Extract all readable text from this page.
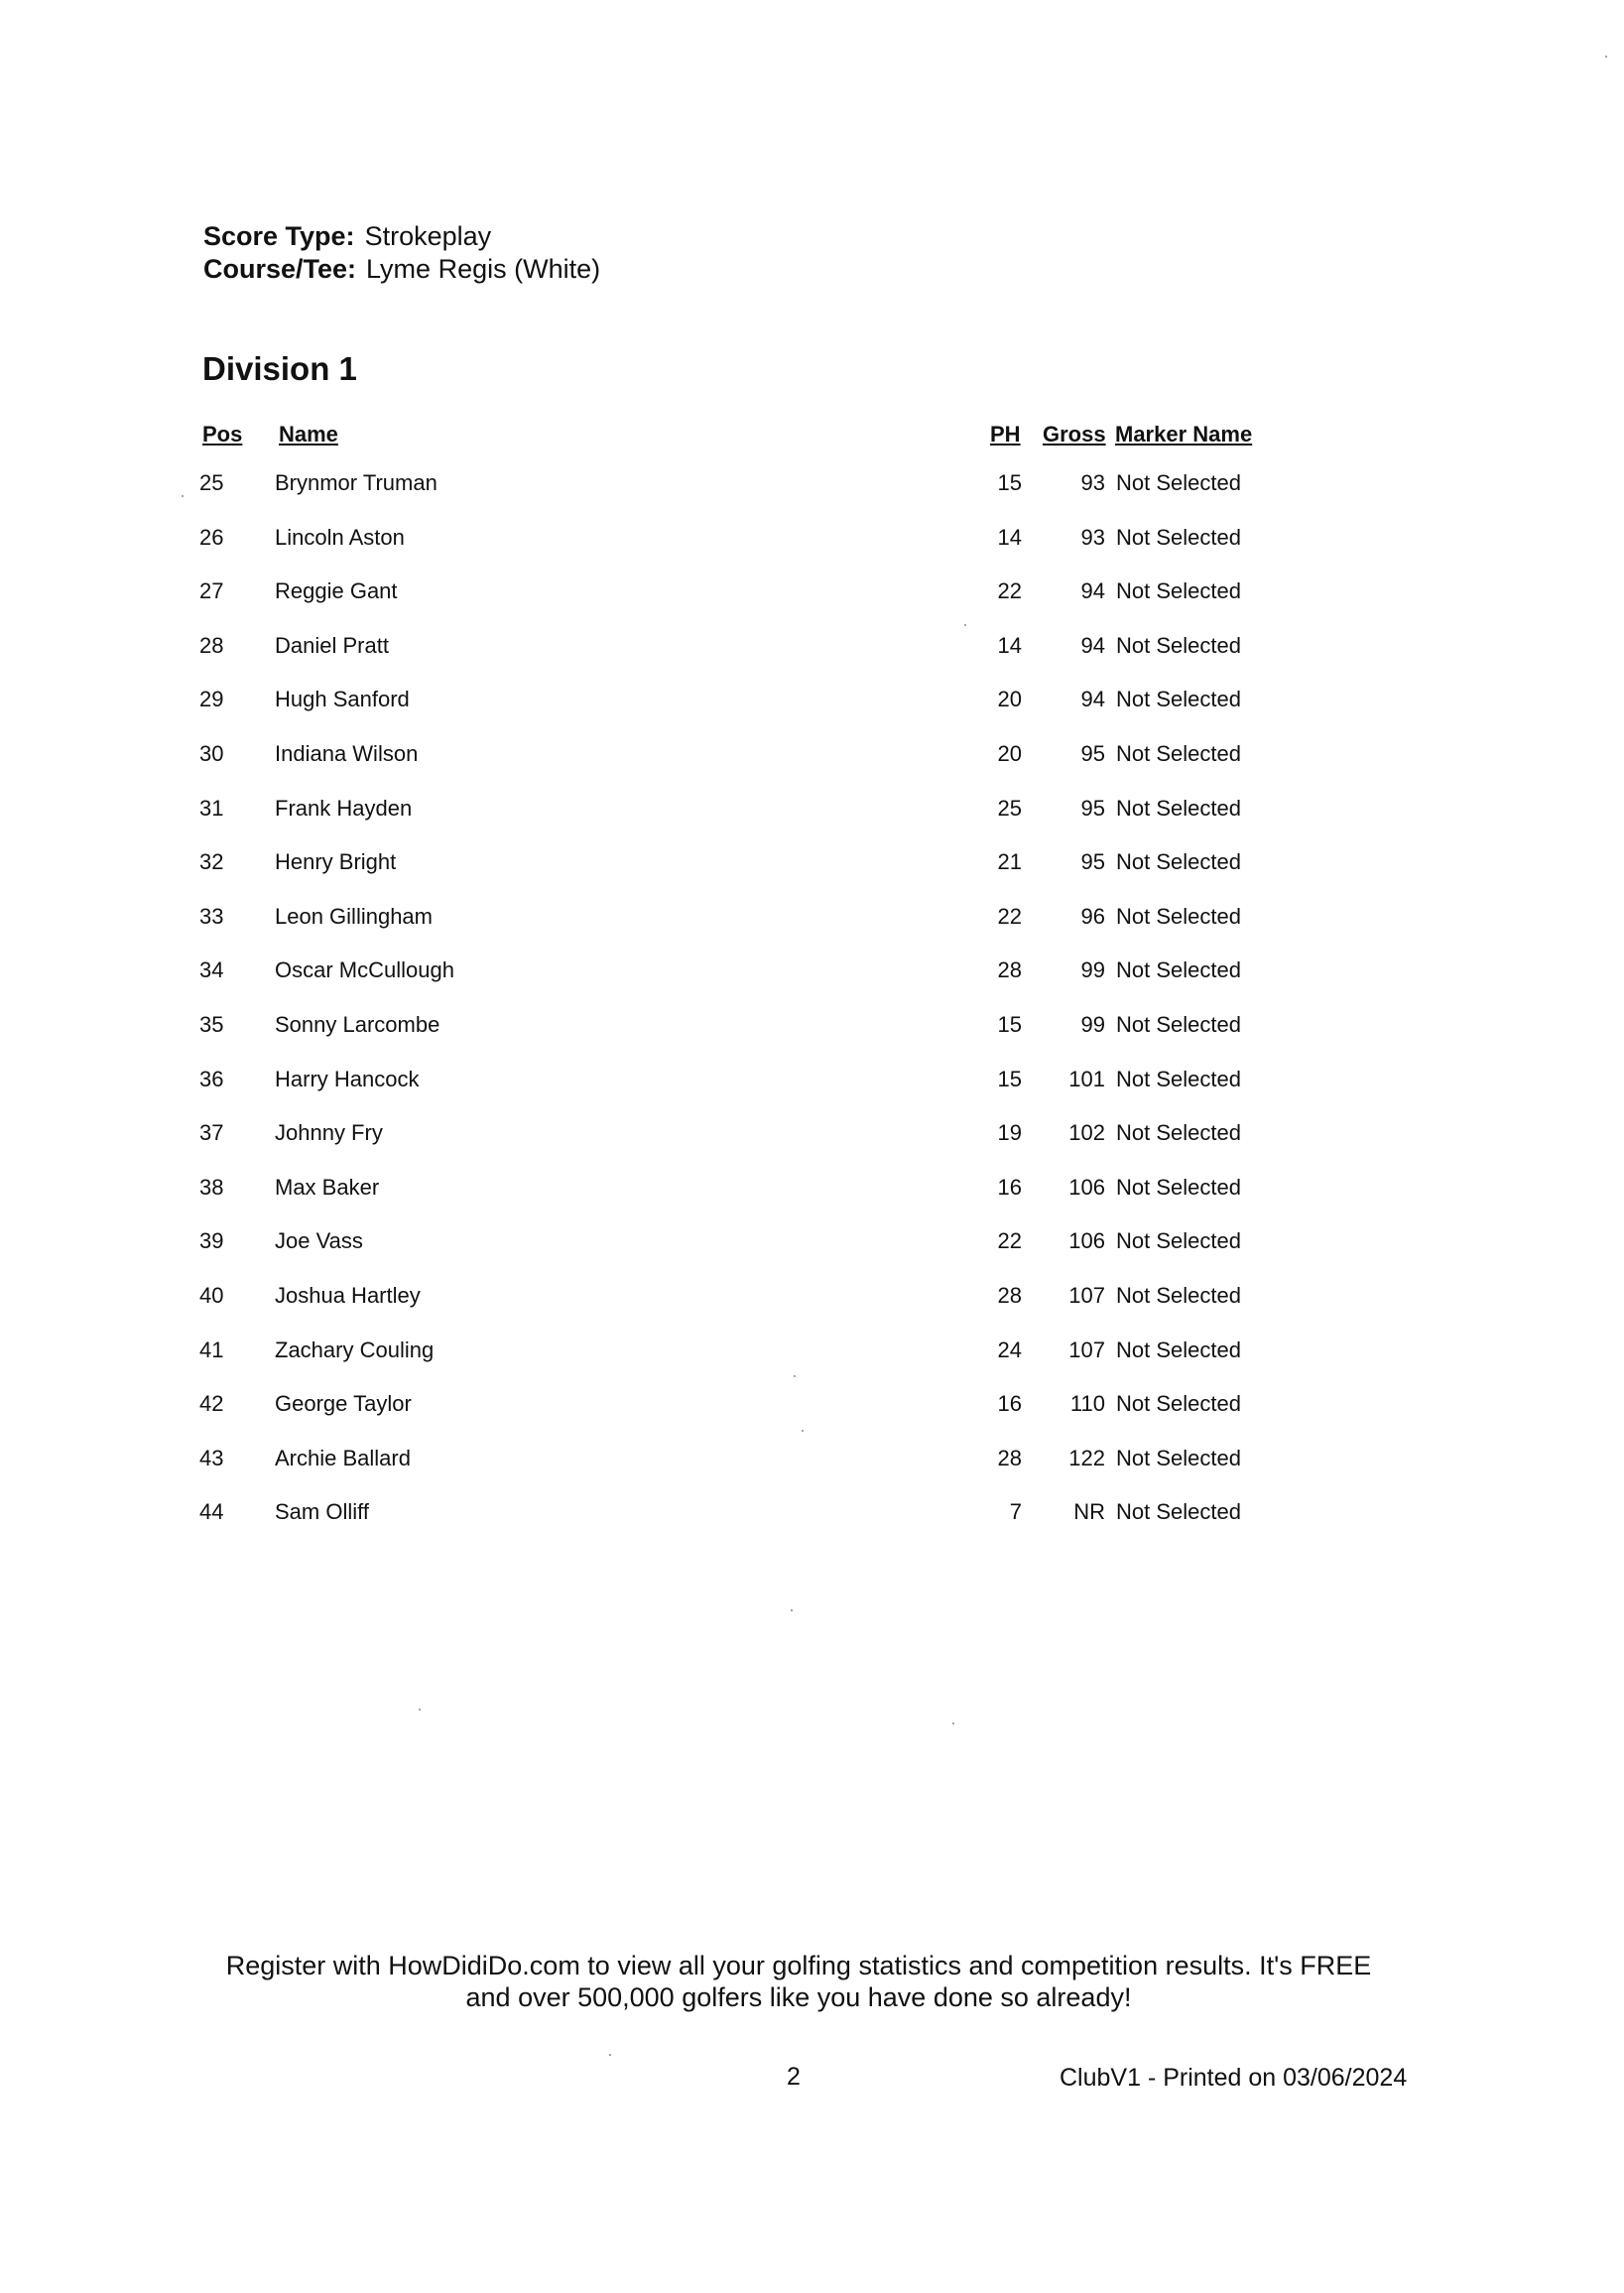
Score Type: Strokeplay
Course/Tee: Lyme Regis (White)
Division 1
Pos Name	PH Gross Marker Name
25	Brynmor Truman	15	93 Not Selected
26	Lincoln Aston	14	93 Not Selected
27	Reggie Gant	22	94 Not Selected
28	Daniel Pratt	14	94 Not Selected
29	Hugh Sanford	20	94 Not Selected
30	Indiana Wilson	20	95 Not Selected
31	Frank Hayden	25	95 Not Selected
32	Henry Bright	21	95 Not Selected
33	Leon Gillingham	22	96 Not Selected
34	Oscar McCullough	28	99 Not Selected
35	Sonny Larcombe	15	99 Not Selected
36	Harry Hancock	15	101 Not Selected
37	Johnny Fry	19	102 Not Selected
38	Max Baker	16	106 Not Selected
39	Joe Vass	22	106 Not Selected
40	Joshua Hartley	28	107 Not Selected
41	Zachary Couling	24	107 Not Selected
42	George Taylor	16	110 Not Selected
43	Archie Ballard	28	122 Not Selected
44	Sam Olliff	7	NR Not Selected
Register with HowDidiDo.com to view all your golfing statistics and competition results. It's FREE
and over 500,000 golfers like you have done so already!
2	ClubV1 - Printed on 03/06/2024
